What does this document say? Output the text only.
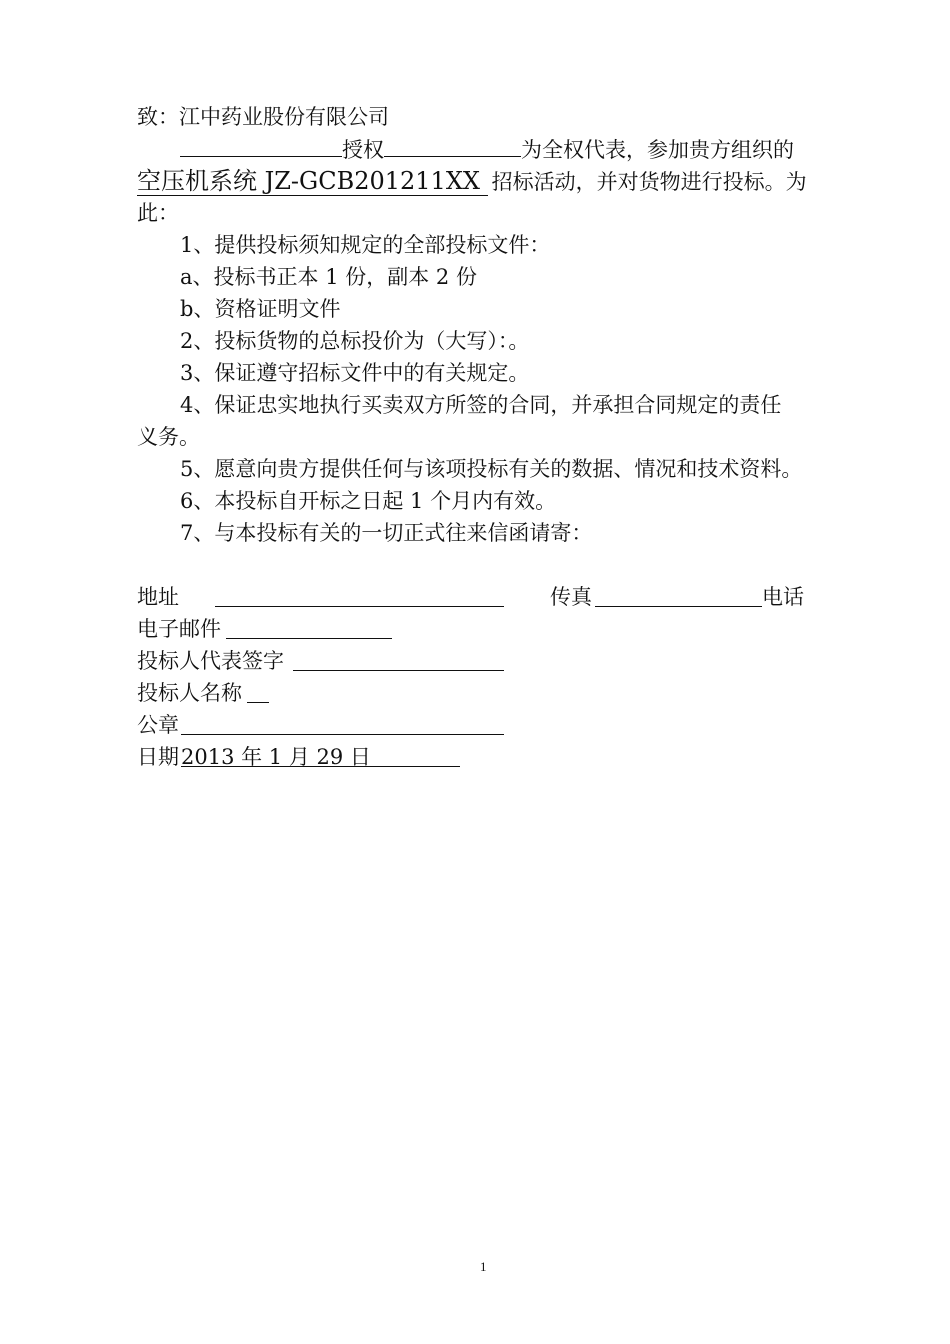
致：江中药业股份有限公司
授权	为全权代表，参加贵方组织的
空压机系统 JZ-GCB201211XX 招标活动，并对货物进行投标。为
此：
1、提供投标须知规定的全部投标文件：
a、投标书正本 1 份，副本 2 份
b、资格证明文件
2、投标货物的总标投价为（大写）：。
3、保证遵守招标文件中的有关规定。
4、保证忠实地执行买卖双方所签的合同，并承担合同规定的责任
义务。
5、愿意向贵方提供任何与该项投标有关的数据、情况和技术资料。
6、本投标自开标之日起 1 个月内有效。
7、与本投标有关的一切正式往来信函请寄：
地址	传真	电话
电子邮件
投标人代表签字
投标人名称
公章
日期 2013 年 1 月 29 日
1
